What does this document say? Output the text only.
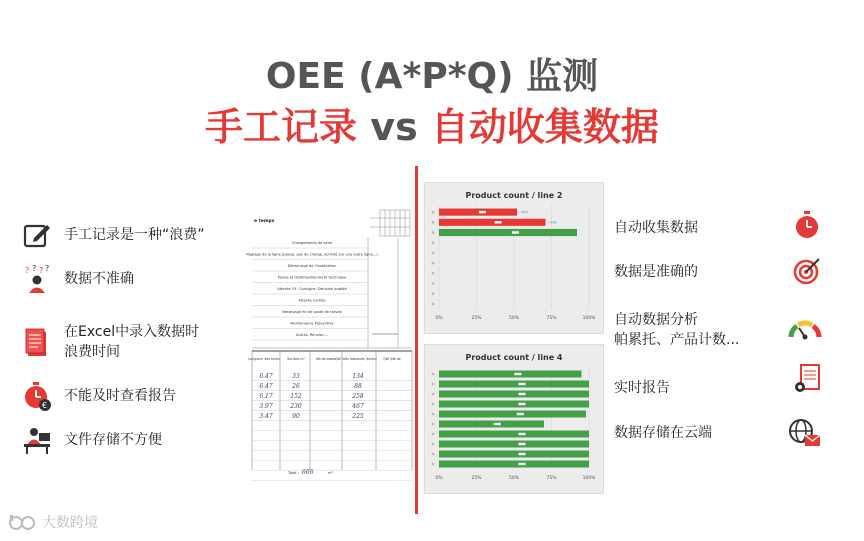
OEE (A*P*Q) 监测
手工记录 vs 自动收集数据
手工记录是一种“浪费”
? ? ? ?
数据不准确
在Excel中录入数据时
浪费时间
€
不能及时查看报告
文件存储不方便
e temps
Changements de série
Réglage de la ligne (pause, pas de charge, activité sur une autre ligne...)
Démarrage de l'installation
Panne et Optimisation/arrêt technique
Attente OF, Consigne, Décision qualité
Attente Cariste
Nettoyage fin de poste de travail
Maintenance Préventive
Autres, Réunion...
Longueur des tuiles Surface m²	Nb de boxes Qté faits fabriqués (tuiles) Qté (Nb de
6.47	33	134
6.47	26	88
6.17	152	258
3.97	230	467
3.47	90	225
Total : 666	m²
Product count / line 2
0%	25%	50%	75%	100%
Product count / line 4
0%	25%	50%	75%	100%
自动收集数据
数据是准确的
自动数据分析
帕累托、产品计数...
实时报告
数据存储在云端
大数跨境
